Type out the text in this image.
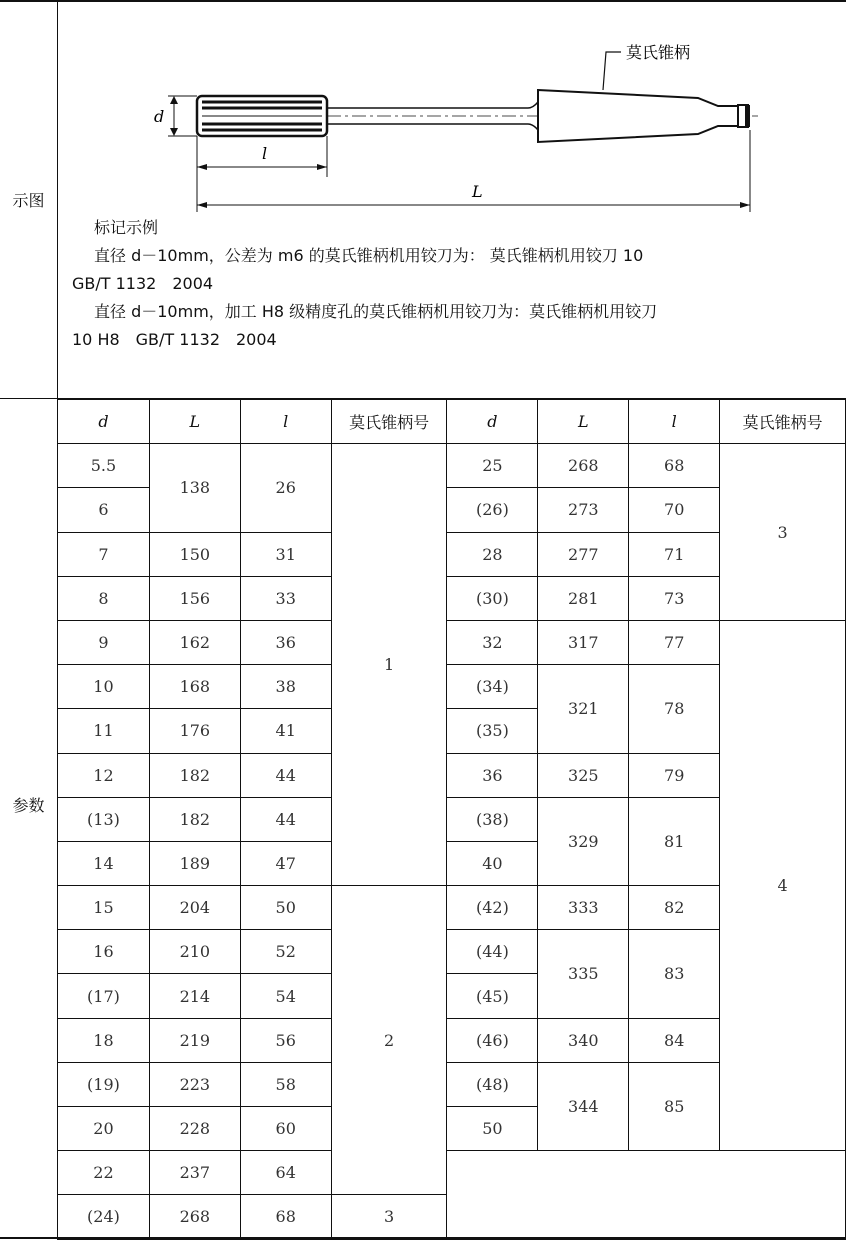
示图
参数
莫氏锥柄
d
l
L

标记示例

直径 d－10mm，公差为 m6 的莫氏锥柄机用铰刀为： 莫氏锥柄机用铰刀 10

GB/T 1132　2004

直径 d－10mm，加工 H8 级精度孔的莫氏锥柄机用铰刀为：莫氏锥柄机用铰刀

10 H8　GB/T 1132　2004

d	L	l	莫氏锥柄号	d	L	l	莫氏锥柄号
5.5	138	26	1	25	268	68	3
6				(26)	273	70	
7	150	31		28	277	71	
8	156	33		(30)	281	73	
9	162	36		32	317	77	4
10	168	38		(34)	321	78	
11	176	41		(35)			
12	182	44		36	325	79	
(13)	182	44		(38)	329	81	
14	189	47		40			
15	204	50	2	(42)	333	82	
16	210	52		(44)	335	83	
(17)	214	54		(45)			
18	219	56		(46)	340	84	
(19)	223	58		(48)	344	85	
20	228	60		50			
22	237	64					
(24)	268	68	3				
